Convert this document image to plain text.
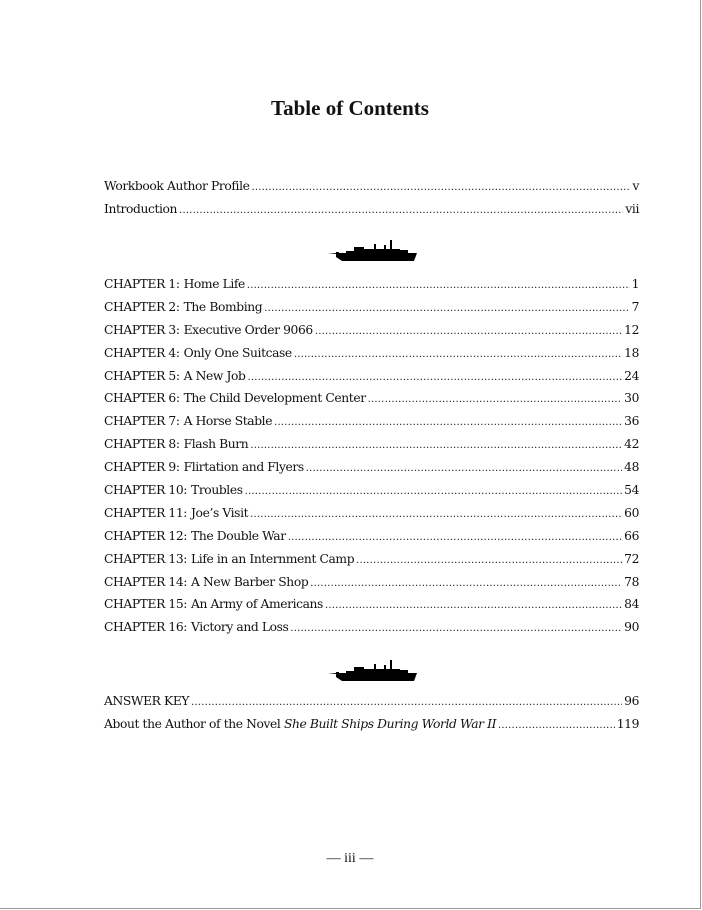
Table of Contents
Workbook Author Profile .....	v
Introduction .....	vii
CHAPTER 1: Home Life .....	1
CHAPTER 2: The Bombing .....	7
CHAPTER 3: Executive Order 9066 .....	12
CHAPTER 4: Only One Suitcase .....	18
CHAPTER 5: A New Job .....	24
CHAPTER 6: The Child Development Center .....	30
CHAPTER 7: A Horse Stable .....	36
CHAPTER 8: Flash Burn .....	42
CHAPTER 9: Flirtation and Flyers .....	48
CHAPTER 10: Troubles .....	54
CHAPTER 11: Joe’s Visit .....	60
CHAPTER 12: The Double War .....	66
CHAPTER 13: Life in an Internment Camp .....	72
CHAPTER 14: A New Barber Shop .....	78
CHAPTER 15: An Army of Americans .....	84
CHAPTER 16: Victory and Loss .....	90
ANSWER KEY .....	96
About the Author of the Novel She Built Ships During World War II .....	119
— iii —
